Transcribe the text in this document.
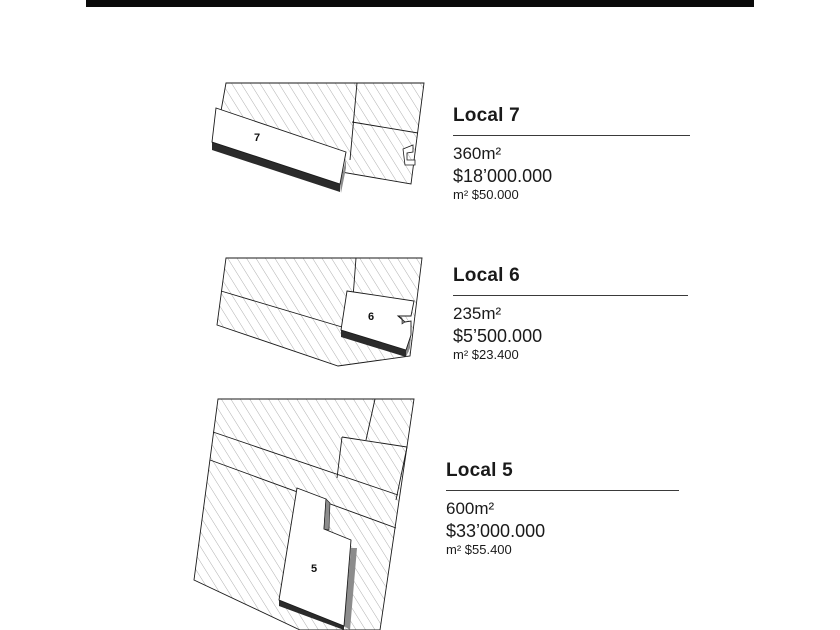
7
6
5
Local 7
360m²
$18’000.000
m² $50.000
Local 6
235m²
$5’500.000
m² $23.400
Local 5
600m²
$33’000.000
m² $55.400
